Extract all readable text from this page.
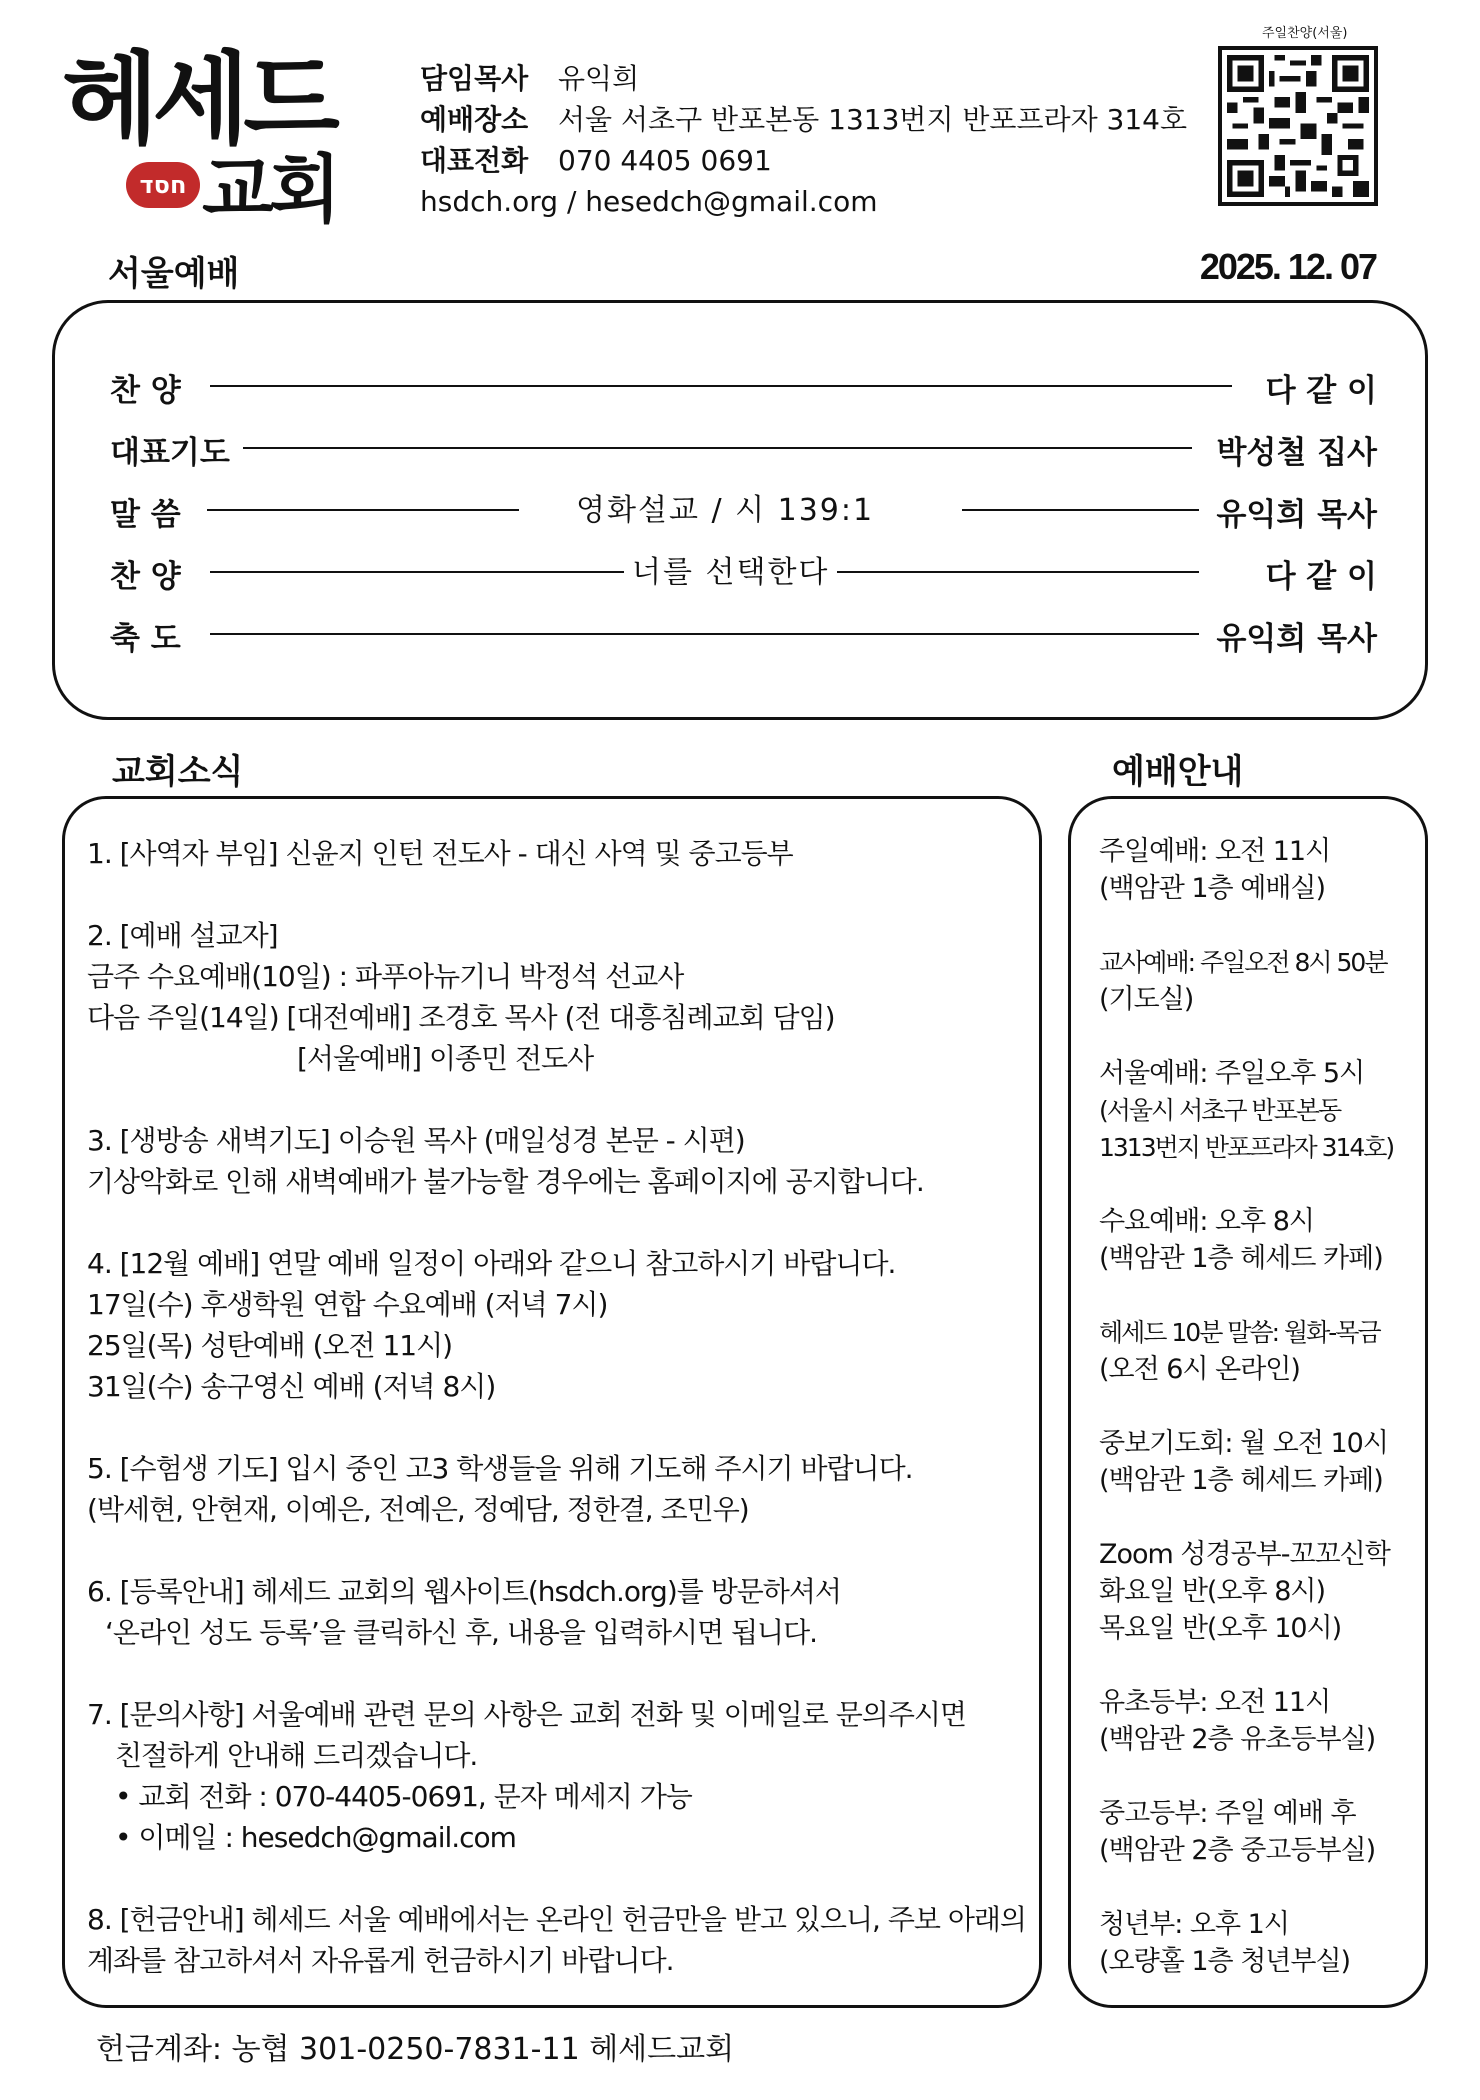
헤세드
חסד 교회
담임목사 유익희
예배장소 서울 서초구 반포본동 1313번지 반포프라자 314호
대표전화 070 4405 0691
hsdch.org / hesedch@gmail.com
주일찬양(서울)
서울예배	2025. 12. 07
찬 양	다 같 이
대표기도	박성철 집사
말 씀	영화설교 / 시 139:1	유익희 목사
찬 양	너를 선택한다	다 같 이
축 도	유익희 목사
교회소식	예배안내
1. [사역자 부임] 신윤지 인턴 전도사 - 대신 사역 및 중고등부
2. [예배 설교자]
금주 수요예배(10일) : 파푸아뉴기니 박정석 선교사
다음 주일(14일) [대전예배] 조경호 목사 (전 대흥침례교회 담임)
[서울예배] 이종민 전도사
3. [생방송 새벽기도] 이승원 목사 (매일성경 본문 - 시편)
기상악화로 인해 새벽예배가 불가능할 경우에는 홈페이지에 공지합니다.
4. [12월 예배] 연말 예배 일정이 아래와 같으니 참고하시기 바랍니다.
17일(수) 후생학원 연합 수요예배 (저녁 7시)
25일(목) 성탄예배 (오전 11시)
31일(수) 송구영신 예배 (저녁 8시)
5. [수험생 기도] 입시 중인 고3 학생들을 위해 기도해 주시기 바랍니다.
(박세현, 안현재, 이예은, 전예은, 정예담, 정한결, 조민우)
6. [등록안내] 헤세드 교회의 웹사이트(hsdch.org)를 방문하셔서
‘온라인 성도 등록’을 클릭하신 후, 내용을 입력하시면 됩니다.
7. [문의사항] 서울예배 관련 문의 사항은 교회 전화 및 이메일로 문의주시면
친절하게 안내해 드리겠습니다.
• 교회 전화 : 070-4405-0691, 문자 메세지 가능
• 이메일 : hesedch@gmail.com
8. [헌금안내] 헤세드 서울 예배에서는 온라인 헌금만을 받고 있으니, 주보 아래의
계좌를 참고하셔서 자유롭게 헌금하시기 바랍니다.
주일예배: 오전 11시
(백암관 1층 예배실)
교사예배: 주일오전 8시 50분
(기도실)
서울예배: 주일오후 5시
(서울시 서초구 반포본동
1313번지 반포프라자 314호)
수요예배: 오후 8시
(백암관 1층 헤세드 카페)
헤세드 10분 말씀: 월화-목금
(오전 6시 온라인)
중보기도회: 월 오전 10시
(백암관 1층 헤세드 카페)
Zoom 성경공부-꼬꼬신학
화요일 반(오후 8시)
목요일 반(오후 10시)
유초등부: 오전 11시
(백암관 2층 유초등부실)
중고등부: 주일 예배 후
(백암관 2층 중고등부실)
청년부: 오후 1시
(오량홀 1층 청년부실)
헌금계좌: 농협 301-0250-7831-11 헤세드교회
